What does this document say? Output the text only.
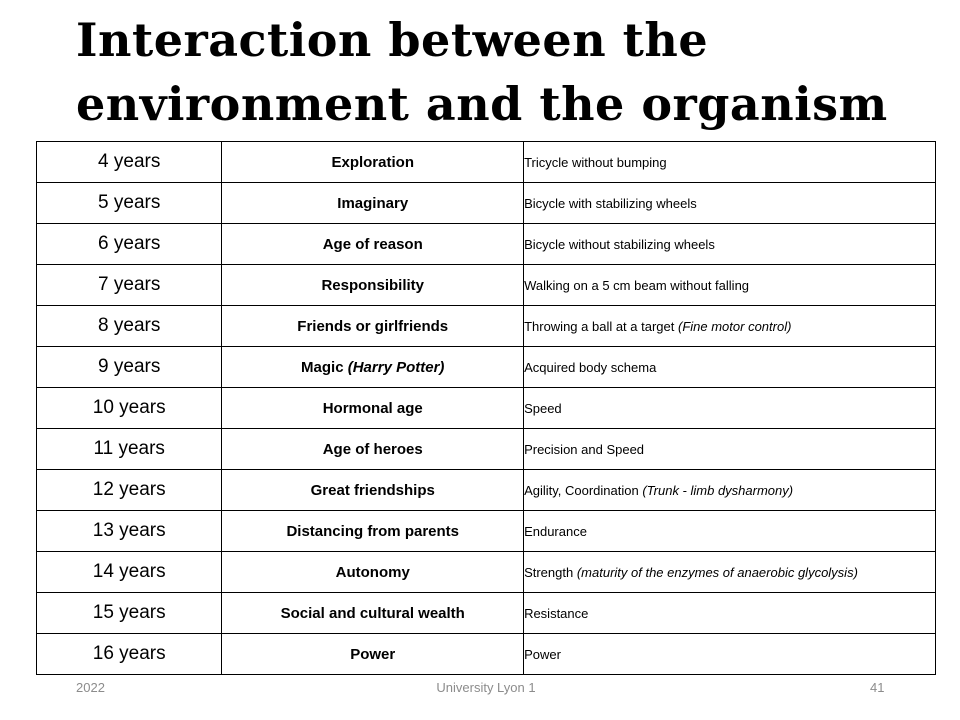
Interaction between the
environment and the organism
4 years	Exploration	Tricycle without bumping
5 years	Imaginary	Bicycle with stabilizing wheels
6 years	Age of reason	Bicycle without stabilizing wheels
7 years	Responsibility	Walking on a 5 cm beam without falling
8 years	Friends or girlfriends	Throwing a ball at a target (Fine motor control)
9 years	Magic (Harry Potter)	Acquired body schema
10 years	Hormonal age	Speed
11 years	Age of heroes	Precision and Speed
12 years	Great friendships	Agility, Coordination (Trunk - limb dysharmony)
13 years	Distancing from parents	Endurance
14 years	Autonomy	Strength (maturity of the enzymes of anaerobic glycolysis)
15 years	Social and cultural wealth	Resistance
16 years	Power	Power
2022	University Lyon 1	41
